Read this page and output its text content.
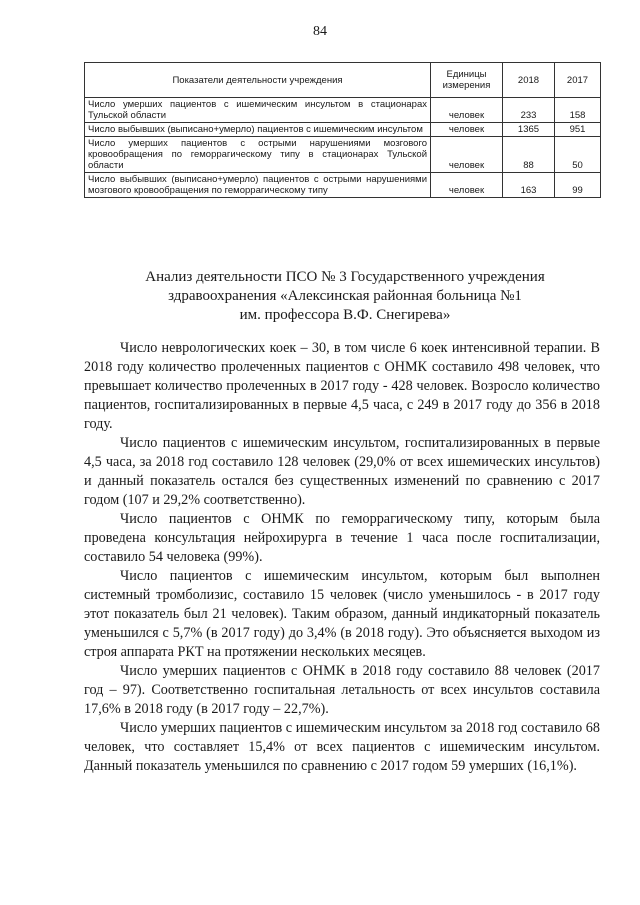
84
Показатели деятельности учреждения	Единицы измерения	2018	2017
Число умерших пациентов с ишемическим инсультом в стационарах Тульской области	человек	233	158
Число выбывших (выписано+умерло) пациентов с ишемическим инсультом	человек	1365	951
Число умерших пациентов с острыми нарушениями мозгового кровообращения по геморрагическому типу в стационарах Тульской области	человек	88	50
Число выбывших (выписано+умерло) пациентов с острыми нарушениями мозгового кровообращения по геморрагическому типу	человек	163	99
Анализ деятельности ПСО № 3 Государственного учреждения
здравоохранения «Алексинская районная больница №1
им. профессора В.Ф. Снегирева»

Число неврологических коек – 30, в том числе 6 коек интенсивной терапии. В 2018 году количество пролеченных пациентов с ОНМК составило 498 человек, что превышает количество пролеченных в 2017 году - 428 человек. Возросло количество пациентов, госпитализированных в первые 4,5 часа, с 249 в 2017 году до 356 в 2018 году.

Число пациентов с ишемическим инсультом, госпитализированных в первые 4,5 часа, за 2018 год составило 128 человек (29,0% от всех ишемических инсультов) и данный показатель остался без существенных изменений по сравнению с 2017 годом (107 и 29,2% соответственно).

Число пациентов с ОНМК по геморрагическому типу, которым была проведена консультация нейрохирурга в течение 1 часа после госпитализации, составило 54 человека (99%).

Число пациентов с ишемическим инсультом, которым был выполнен системный тромболизис, составило 15 человек (число уменьшилось - в 2017 году этот показатель был 21 человек). Таким образом, данный индикаторный показатель уменьшился с 5,7% (в 2017 году) до 3,4% (в 2018 году). Это объясняется выходом из строя аппарата РКТ на протяжении нескольких месяцев.

Число умерших пациентов с ОНМК в 2018 году составило 88 человек (2017 год – 97). Соответственно госпитальная летальность от всех инсультов составила 17,6% в 2018 году (в 2017 году – 22,7%).

Число умерших пациентов с ишемическим инсультом за 2018 год составило 68 человек, что составляет 15,4% от всех пациентов с ишемическим инсультом. Данный показатель уменьшился по сравнению с 2017 годом 59 умерших (16,1%).
